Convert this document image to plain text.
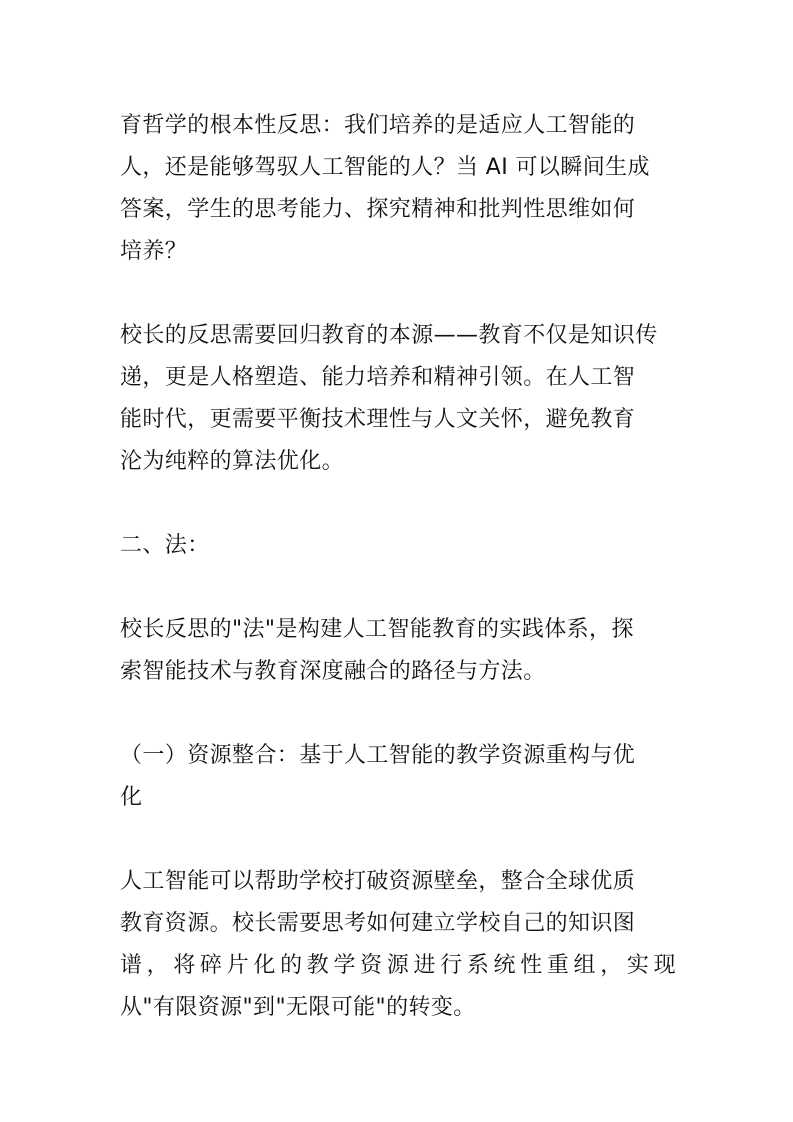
育哲学的根本性反思：我们培养的是适应人工智能的
人，还是能够驾驭人工智能的人？当 AI 可以瞬间生成
答案，学生的思考能力、探究精神和批判性思维如何
培养？
校长的反思需要回归教育的本源——教育不仅是知识传
递，更是人格塑造、能力培养和精神引领。在人工智
能时代，更需要平衡技术理性与人文关怀，避免教育
沦为纯粹的算法优化。
二、法：
校长反思的"法"是构建人工智能教育的实践体系，探
索智能技术与教育深度融合的路径与方法。
（一）资源整合：基于人工智能的教学资源重构与优
化
人工智能可以帮助学校打破资源壁垒，整合全球优质
教育资源。校长需要思考如何建立学校自己的知识图
谱，将碎片化的教学资源进行系统性重组，实现
从"有限资源"到"无限可能"的转变。
